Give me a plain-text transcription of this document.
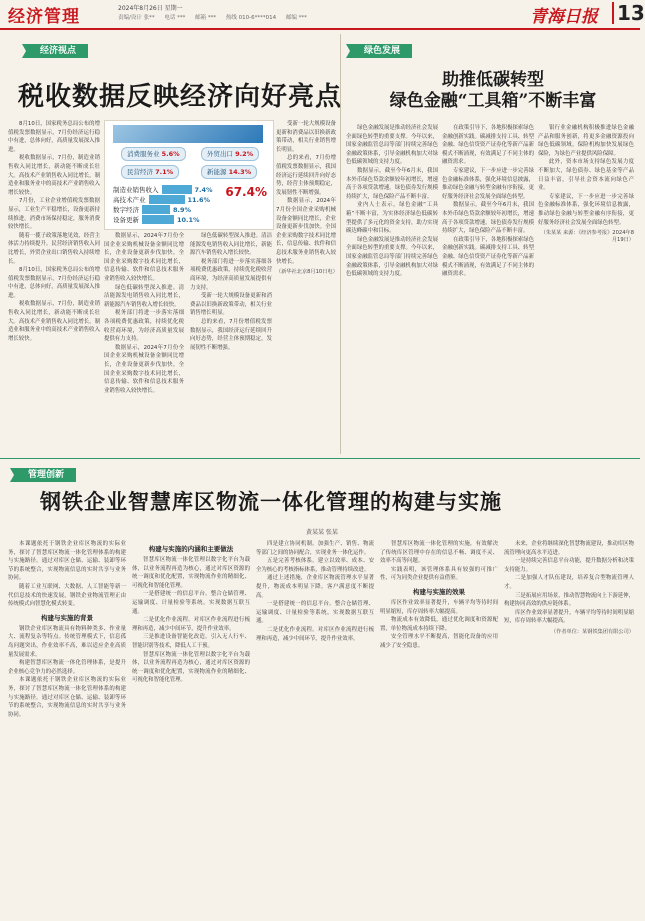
经济管理	2024年8月26日 星期一
责编/设计 张** 电话 *** 邮箱 *** 热线 010-6****014 邮编 ***	青海日报 13
经济视点
税收数据反映经济向好亮点

8月10日，国家税务总局公布的增值税发票数据显示，7月份经济运行稳中有进，总体向好，高质量发展深入推进。

税收数据显示，7月份，制造业销售收入同比增长，新动能不断成长壮大。高技术产业销售收入同比增长，制造业和服务业中的高技术产业销售收入增长较快。

7月份，工业企业增值税发票数据显示，工业生产平稳增长，设备更新持续推进。消费市场保持稳定，服务消费较快增长。

随着一揽子政策落地见效，经营主体活力持续提升。民营经济销售收入同比增长，外贸企业出口销售收入持续增长。

8月10日，国家税务总局公布的增值税发票数据显示，7月份经济运行稳中有进，总体向好，高质量发展深入推进。

税收数据显示，7月份，制造业销售收入同比增长，新动能不断成长壮大。高技术产业销售收入同比增长，制造业和服务业中的高技术产业销售收入增长较快。

消费服务业 5.6%	外贸出口 9.2%
民营经济 7.1%	新能源 14.3%
制造业销售收入	7.4%
高技术产业	11.6%
数字经济	8.9%
设备更新	10.1%
67.4%

数据显示，2024年7月份全国企业采购机械设备金额同比增长，企业设备更新步伐加快。全国企业采购数字技术同比增长，信息传输、软件和信息技术服务业销售收入较快增长。

绿色低碳转型深入推进。清洁能源发电销售收入同比增长，新能源汽车销售收入增长较快。

税务部门将进一步落实落细各项税费优惠政策，持续优化税收营商环境，为经济高质量发展提供有力支持。

数据显示，2024年7月份全国企业采购机械设备金额同比增长，企业设备更新步伐加快。全国企业采购数字技术同比增长，信息传输、软件和信息技术服务业销售收入较快增长。

绿色低碳转型深入推进。清洁能源发电销售收入同比增长，新能源汽车销售收入增长较快。

税务部门将进一步落实落细各项税费优惠政策，持续优化税收营商环境，为经济高质量发展提供有力支持。

受新一轮大规模设备更新和消费品以旧换新政策带动，相关行业销售增长明显。

总的来看，7月份增值税发票数据显示，我国经济运行延续回升向好态势，经营主体预期稳定，发展韧性不断增强。

受新一轮大规模设备更新和消费品以旧换新政策带动，相关行业销售增长明显。

总的来看，7月份增值税发票数据显示，我国经济运行延续回升向好态势，经营主体预期稳定，发展韧性不断增强。

数据显示，2024年7月份全国企业采购机械设备金额同比增长，企业设备更新步伐加快。全国企业采购数字技术同比增长，信息传输、软件和信息技术服务业销售收入较快增长。

（新华社北京8月10日电）
绿色发展
助推低碳转型
绿色金融“工具箱”不断丰富

绿色金融发展是推动经济社会发展全面绿色转型的重要支撑。今年以来，国家金融监管总局等部门持续完善绿色金融政策体系，引导金融机构加大对绿色低碳领域的支持力度。

数据显示，截至今年6月末，我国本外币绿色贷款余额较年初增长，增速高于各项贷款增速。绿色债券发行规模持续扩大，绿色保险产品不断丰富。

业内人士表示，绿色金融“工具箱”不断丰富，为实体经济绿色低碳转型提供了多元化的资金支持，助力实现碳达峰碳中和目标。

绿色金融发展是推动经济社会发展全面绿色转型的重要支撑。今年以来，国家金融监管总局等部门持续完善绿色金融政策体系，引导金融机构加大对绿色低碳领域的支持力度。

在政策引导下，各地积极探索绿色金融创新实践。碳减排支持工具、转型金融、绿色信贷资产证券化等新产品新模式不断涌现，有效满足了不同主体的融资需求。

专家建议，下一步应进一步完善绿色金融标准体系，强化环境信息披露，推动绿色金融与转型金融有序衔接，更好服务经济社会发展全面绿色转型。

数据显示，截至今年6月末，我国本外币绿色贷款余额较年初增长，增速高于各项贷款增速。绿色债券发行规模持续扩大，绿色保险产品不断丰富。

在政策引导下，各地积极探索绿色金融创新实践。碳减排支持工具、转型金融、绿色信贷资产证券化等新产品新模式不断涌现，有效满足了不同主体的融资需求。

银行业金融机构积极推进绿色金融产品和服务创新，将更多金融资源投向绿色低碳领域。保险机构加快发展绿色保险，为绿色产业提供风险保障。

此外，资本市场支持绿色发展力度不断加大，绿色债券、绿色基金等产品日益丰富，引导社会资本流向绿色产业。

专家建议，下一步应进一步完善绿色金融标准体系，强化环境信息披露，推动绿色金融与转型金融有序衔接，更好服务经济社会发展全面绿色转型。

（朱某某 来源：《经济参考报》2024年8月19日）
管理创新
钢铁企业智慧库区物流一体化管理的构建与实施
黄某某 张某

本课题依托于钢铁企业库区物流的实际业务，探讨了智慧库区物流一体化管理体系的构建与实施路径。通过对库区仓储、运输、装卸等环节的系统整合，实现物流信息的实时共享与业务协同。

随着工业互联网、大数据、人工智能等新一代信息技术的快速发展，钢铁企业物流管理正由传统模式向智慧化模式转变。

构建与实施的背景

钢铁企业库区物流具有物料种类多、作业量大、流程复杂等特点。传统管理模式下，信息孤岛问题突出，作业效率不高，难以适应企业高质量发展需求。

构建智慧库区物流一体化管理体系，是提升企业核心竞争力的必然选择。

本课题依托于钢铁企业库区物流的实际业务，探讨了智慧库区物流一体化管理体系的构建与实施路径。通过对库区仓储、运输、装卸等环节的系统整合，实现物流信息的实时共享与业务协同。

构建与实施的内涵和主要做法

智慧库区物流一体化管理以数字化平台为载体，以业务流程再造为核心，通过对库区资源的统一调度和优化配置，实现物流作业的精细化、可视化和智能化管理。

一是搭建统一的信息平台。整合仓储管理、运输调度、计量检验等系统，实现数据互联互通。

二是优化作业流程。对库区作业流程进行梳理和再造，减少中间环节，提升作业效率。

三是推进设备智能化改造。引入无人行车、智能识别等技术，降低人工干预。

智慧库区物流一体化管理以数字化平台为载体，以业务流程再造为核心，通过对库区资源的统一调度和优化配置，实现物流作业的精细化、可视化和智能化管理。

四是建立协同机制。加强生产、销售、物流等部门之间的协同配合，实现业务一体化运作。

五是完善考核体系。建立以效率、成本、安全为核心的考核指标体系，推动管理持续改进。

通过上述措施，企业库区物流管理水平显著提升，物流成本明显下降，客户满意度不断提高。

一是搭建统一的信息平台。整合仓储管理、运输调度、计量检验等系统，实现数据互联互通。

二是优化作业流程。对库区作业流程进行梳理和再造，减少中间环节，提升作业效率。

智慧库区物流一体化管理的实施，有效解决了传统库区管理中存在的信息不畅、调度不灵、效率不高等问题。

实践表明，该管理体系具有较强的可推广性，可为同类企业提供有益借鉴。

构建与实施的效果

库区作业效率显著提升，车辆平均等待时间明显缩短，库存周转率大幅提高。

物流成本有效降低，通过优化调度和资源配置，单位物流成本持续下降。

安全管理水平不断提高，智能化设备的应用减少了安全隐患。

未来，企业将继续深化智慧物流建设，推动库区物流管理向更高水平迈进。

一是持续完善信息平台功能，提升数据分析和决策支持能力。

二是加强人才队伍建设，培养复合型物流管理人才。

三是拓展应用场景，推动智慧物流向上下游延伸，构建协同高效的供应链体系。

库区作业效率显著提升，车辆平均等待时间明显缩短，库存周转率大幅提高。

（作者单位：某钢铁集团有限公司）
